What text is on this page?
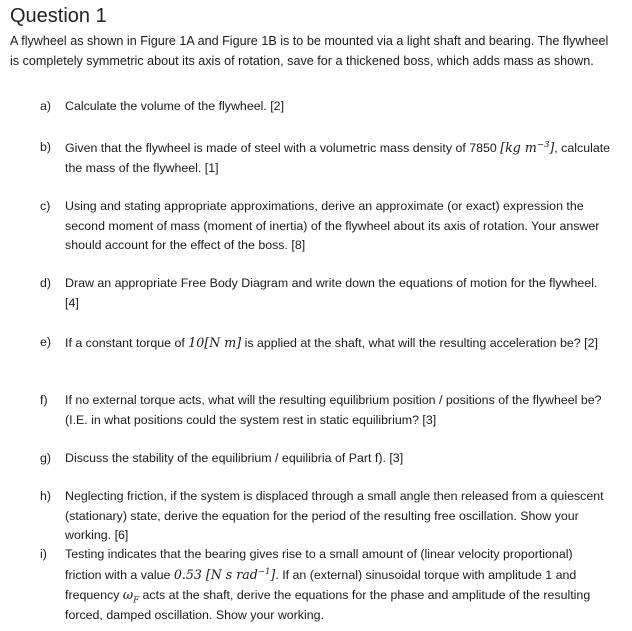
Question 1
A flywheel as shown in Figure 1A and Figure 1B is to be mounted via a light shaft and bearing. The flywheel is completely symmetric about its axis of rotation, save for a thickened boss, which adds mass as shown.
a)	Calculate the volume of the flywheel. [2]
b)	Given that the flywheel is made of steel with a volumetric mass density of 7850 [kg $m^{-3}$], calculate the mass of the flywheel. [1]
c)	Using and stating appropriate approximations, derive an approximate (or exact) expression the second moment of mass (moment of inertia) of the flywheel about its axis of rotation. Your answer should account for the effect of the boss. [8]
d)	Draw an appropriate Free Body Diagram and write down the equations of motion for the flywheel. [4]
e)	If a constant torque of 10[N m] is applied at the shaft, what will the resulting acceleration be? [2]
f)	If no external torque acts, what will the resulting equilibrium position / positions of the flywheel be? (I.E. in what positions could the system rest in static equilibrium? [3]
g)	Discuss the stability of the equilibrium / equilibria of Part f). [3]
h)	Neglecting friction, if the system is displaced through a small angle then released from a quiescent (stationary) state, derive the equation for the period of the resulting free oscillation. Show your working. [6]
i)	Testing indicates that the bearing gives rise to a small amount of (linear velocity proportional) friction with a value 0.53 [N s rad$^{-1}$]. If an (external) sinusoidal torque with amplitude 1 and frequency $\omega_F$ acts at the shaft, derive the equations for the phase and amplitude of the resulting forced, damped oscillation. Show your working.
